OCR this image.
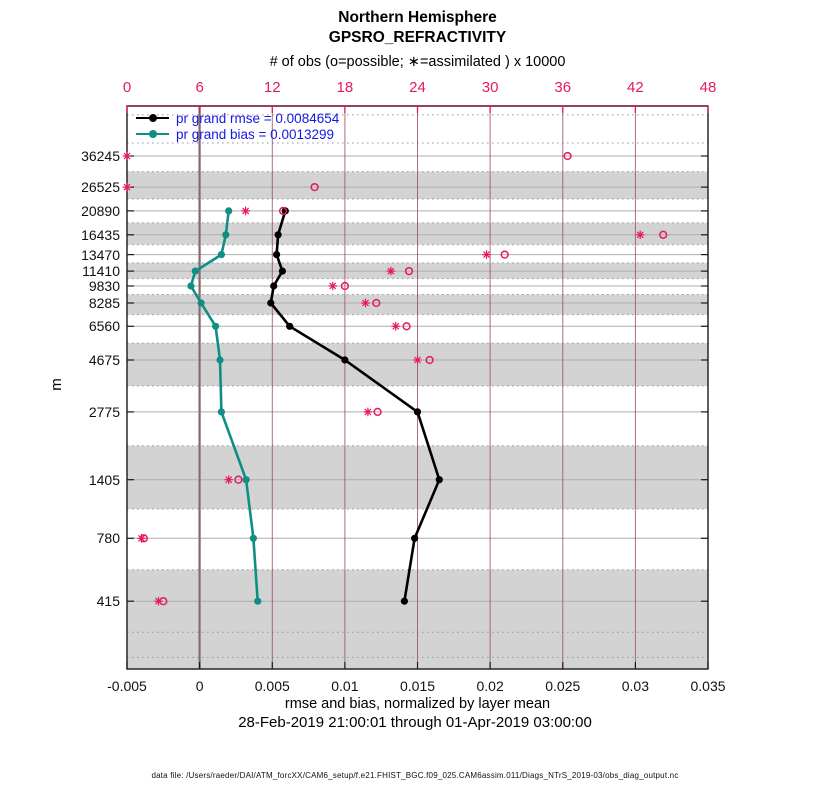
Northern Hemisphere
GPSRO_REFRACTIVITY
# of obs (o=possible; ∗=assimilated ) x 10000
0	6	12	18	24	30	36	42	48
36245
26525
20890
16435
13470
11410
9830
8285
6560
4675
2775
1405
780
415
-0.005	0	0.005	0.01	0.015	0.02	0.025	0.03	0.035
m
rmse and bias, normalized by layer mean
28-Feb-2019 21:00:01 through 01-Apr-2019 03:00:00
data file: /Users/raeder/DAI/ATM_forcXX/CAM6_setup/f.e21.FHIST_BGC.f09_025.CAM6assim.011/Diags_NTrS_2019-03/obs_diag_output.nc
pr grand rmse = 0.0084654
pr grand bias = 0.0013299
